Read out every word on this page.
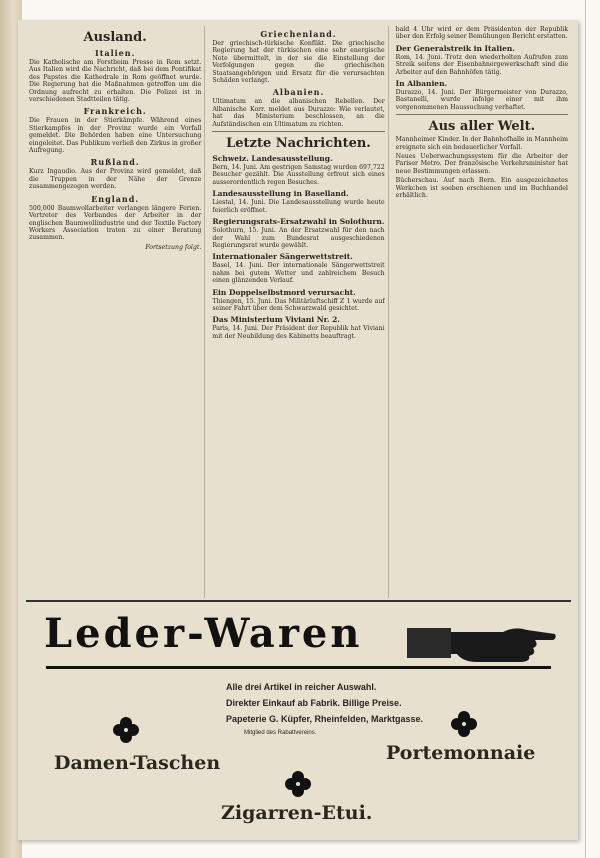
Ausland.
Italien.

Die Katholische am Forstbeim Presse in Rom setzt. Aus Italien wird die Nachricht, daß bei dem Pontifikat des Papstes die Kathedrale in Rom geöffnet wurde. Die Regierung hat die Maßnahmen getroffen um die Ordnung aufrecht zu erhalten. Die Polizei ist in verschiedenen Stadtteilen tätig.

Frankreich.

Die Frauen in der Stierkämpfe. Während eines Stierkampfes in der Provinz wurde ein Vorfall gemeldet. Die Behörden haben eine Untersuchung eingeleitet. Das Publikum verließ den Zirkus in großer Aufregung.

Rußland.

Kurz Ingaudio. Aus der Provinz wird gemeldet, daß die Truppen in der Nähe der Grenze zusammengezogen werden.

England.

500,000 Baumwollarbeiter verlangen längere Ferien. Vertreter des Verbandes der Arbeiter in der englischen Baumwollindustrie und der Textile Factory Workers Association traten zu einer Beratung zusammen.

Fortsetzung folgt.
Griechenland.

Der griechisch-türkische Konflikt. Die griechische Regierung hat der türkischen eine sehr energische Note übermittelt, in der sie die Einstellung der Verfolgungen gegen die griechischen Staatsangehörigen und Ersatz für die verursachten Schäden verlangt.

Albanien.

Ultimatum an die albanischen Rebellen. Der Albanische Korr. meldet aus Durazzo: Wie verlautet, hat das Ministerium beschlossen, an die Aufständischen ein Ultimatum zu richten.

Letzte Nachrichten.
Schweiz. Landesausstellung.

Bern, 14. Juni. Am gestrigen Samstag wurden 697,722 Besucher gezählt. Die Ausstellung erfreut sich eines ausserordentlich regen Besuches.

Landesausstellung in Baselland.

Liestal, 14. Juni. Die Landesausstellung wurde heute feierlich eröffnet.

Regierungsrats-Ersatzwahl in Solothurn.

Solothurn, 15. Juni. An der Ersatzwahl für den nach der Wahl zum Bundesrat ausgeschiedenen Regierungsrat wurde gewählt.

Internationaler Sängerwettstreit.

Basel, 14. Juni. Der internationale Sängerwettstreit nahm bei gutem Wetter und zahlreichem Besuch einen glänzenden Verlauf.

Ein Doppelselbstmord verursacht.

Thiengen, 15. Juni. Das Militärluftschiff Z 1 wurde auf seiner Fahrt über dem Schwarzwald gesichtet.

Das Ministerium Viviani Nr. 2.

Paris, 14. Juni. Der Präsident der Republik hat Viviani mit der Neubildung des Kabinetts beauftragt.

bald 4 Uhr wird er dem Präsidenten der Republik über den Erfolg seiner Bemühungen Bericht erstatten.

Der Generalstreik in Italien.

Rom, 14. Juni. Trotz den wiederholten Aufrufen zum Streik seitens der Eisenbahnergewerkschaft sind die Arbeiter auf den Bahnhöfen tätig.

In Albanien.

Durazzo, 14. Juni. Der Bürgermeister von Durazzo, Bastanelli, wurde infolge einer mit ihm vorgenommenen Haussuchung verhaftet.

Aus aller Welt.

Mannheimer Kinder. In der Bahnhofhalle in Mannheim ereignete sich ein bedauerlicher Vorfall.

Neues Ueberwachungssystem für die Arbeiter der Pariser Metro. Der französische Verkehrsminister hat neue Bestimmungen erlassen.

Bücherschau. Auf nach Bern. Ein ausgezeichnetes Werkchen ist soeben erschienen und im Buchhandel erhältlich.

Leder-Waren
Alle drei Artikel in reicher Auswahl.
Direkter Einkauf ab Fabrik. Billige Preise.
Papeterie G. Küpfer, Rheinfelden, Marktgasse.
Mitglied des Rabattvereins.
Damen-Taschen	Portemonnaie
Zigarren-Etui.
